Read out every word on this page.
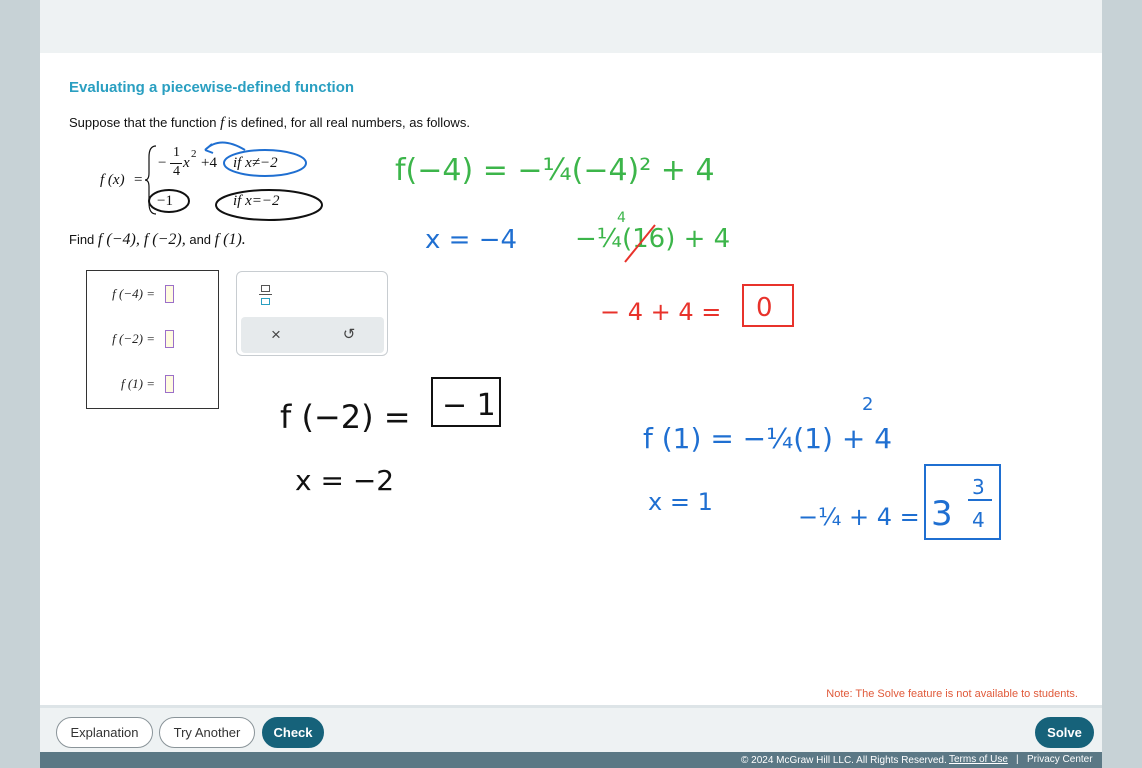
Evaluating a piecewise-defined function
Suppose that the function f is defined, for all real numbers, as follows.
f (x) =
−
1
4
x
2
+4 if x≠−2
−1	if x=−2
Find f (−4), f (−2), and f (1).
f (−4) =
f (−2) =
f (1) =
×	↺
f(−4) = −¼(−4)² + 4
x = −4
4
−¼(16) + 4
− 4 + 4 = 0
f (−2) = − 1
x = −2
f (1) = −¼(1) + 4
2
x = 1
−¼ + 4 = 3
3
4
Note: The Solve feature is not available to students.
Explanation	Try Another	Check	Solve
© 2024 McGraw Hill LLC. All Rights Reserved. Terms of Use | Privacy Center
